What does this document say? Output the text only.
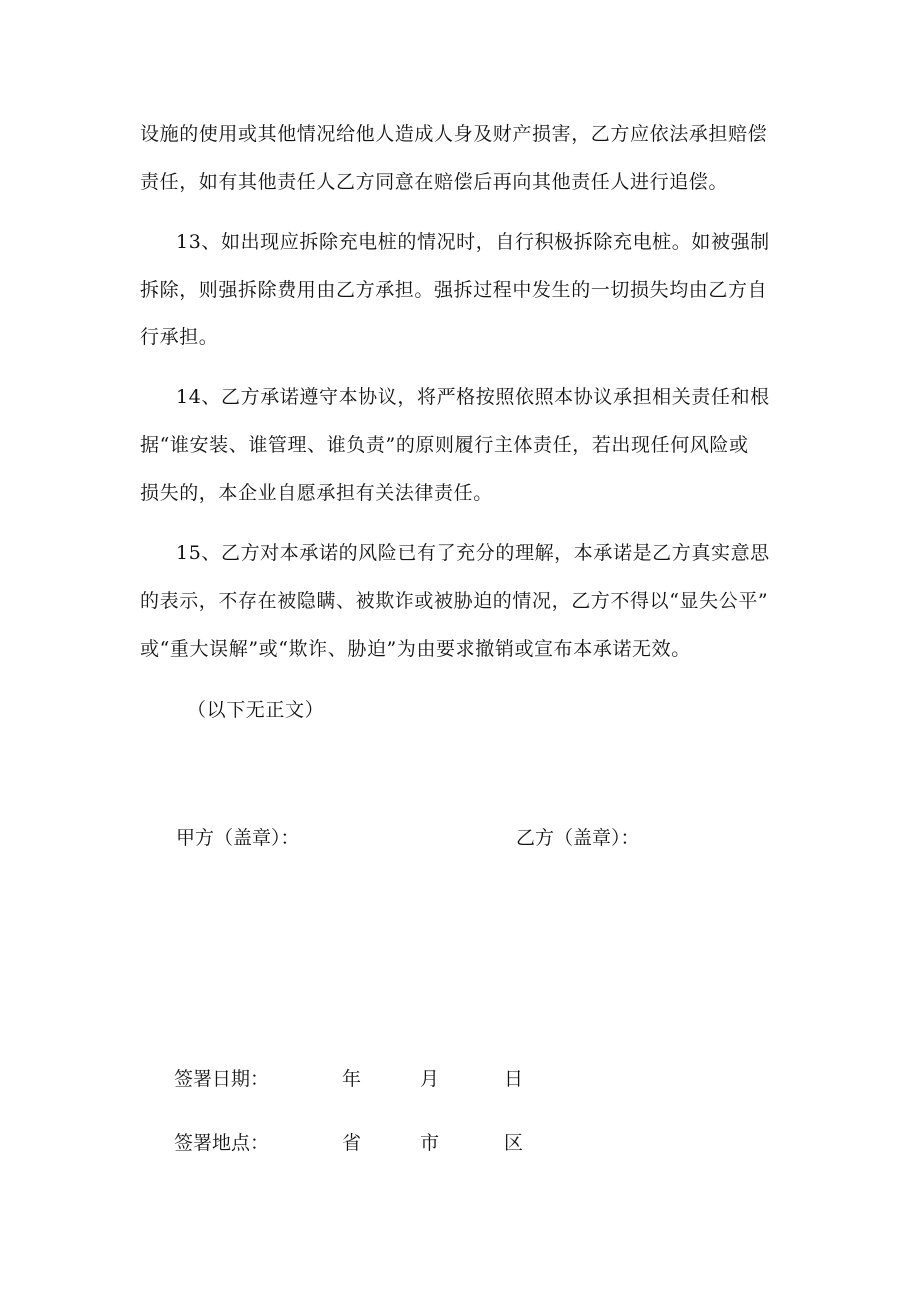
设施的使用或其他情况给他人造成人身及财产损害，乙方应依法承担赔偿
责任，如有其他责任人乙方同意在赔偿后再向其他责任人进行追偿。
13、如出现应拆除充电桩的情况时，自行积极拆除充电桩。如被强制
拆除，则强拆除费用由乙方承担。强拆过程中发生的一切损失均由乙方自
行承担。
14、乙方承诺遵守本协议，将严格按照依照本协议承担相关责任和根
据“谁安装、谁管理、谁负责”的原则履行主体责任，若出现任何风险或
损失的，本企业自愿承担有关法律责任。
15、乙方对本承诺的风险已有了充分的理解，本承诺是乙方真实意思
的表示，不存在被隐瞒、被欺诈或被胁迫的情况，乙方不得以“显失公平”
或“重大误解”或“欺诈、胁迫”为由要求撤销或宣布本承诺无效。
（以下无正文）
甲方（盖章）：	乙方（盖章）：
签署日期：	年	月	日
签署地点：	省	市	区
